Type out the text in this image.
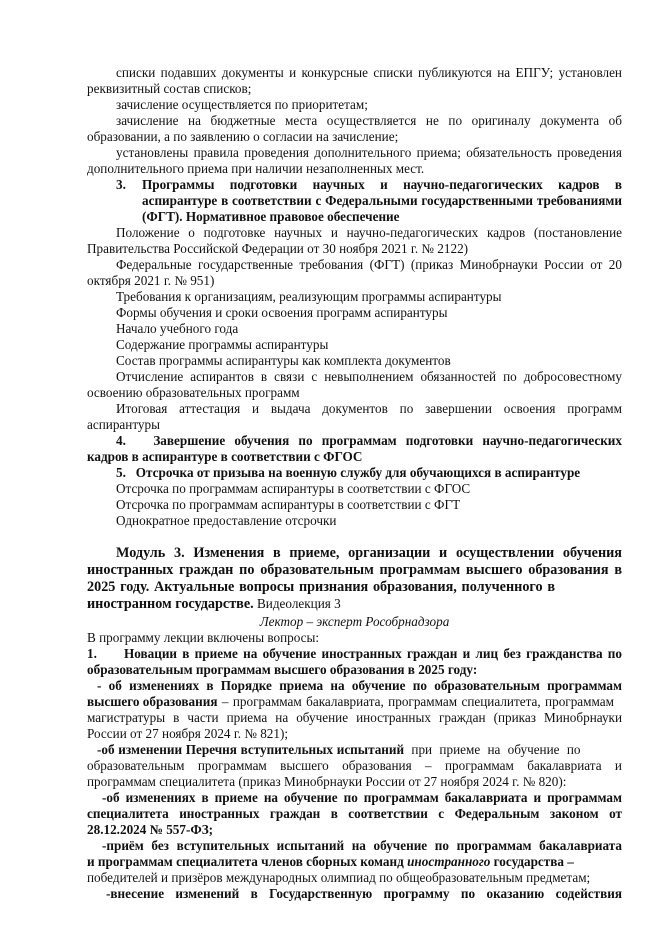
списки подавших документы и конкурсные списки публикуются на ЕПГУ; установлен
реквизитный состав списков;
зачисление осуществляется по приоритетам;
зачисление на бюджетные места осуществляется не по оригиналу документа об
образовании, а по заявлению о согласии на зачисление;
установлены правила проведения дополнительного приема; обязательность проведения
дополнительного приема при наличии незаполненных мест.
3. Программы подготовки научных и научно-педагогических кадров в
аспирантуре в соответствии с Федеральными государственными требованиями
(ФГТ). Нормативное правовое обеспечение
Положение о подготовке научных и научно-педагогических кадров (постановление
Правительства Российской Федерации от 30 ноября 2021 г. № 2122)
Федеральные государственные требования (ФГТ) (приказ Минобрнауки России от 20
октября 2021 г. № 951)
Требования к организациям, реализующим программы аспирантуры
Формы обучения и сроки освоения программ аспирантуры
Начало учебного года
Содержание программы аспирантуры
Состав программы аспирантуры как комплекта документов
Отчисление аспирантов в связи с невыполнением обязанностей по добросовестному
освоению образовательных программ
Итоговая аттестация и выдача документов по завершении освоения программ
аспирантуры
4.   Завершение обучения по программам подготовки научно-педагогических
кадров в аспирантуре в соответствии с ФГОС
5.   Отсрочка от призыва на военную службу для обучающихся в аспирантуре
Отсрочка по программам аспирантуры в соответствии с ФГОС
Отсрочка по программам аспирантуры в соответствии с ФГТ
Однократное предоставление отсрочки
Модуль 3. Изменения в приеме, организации и осуществлении обучения
иностранных граждан по образовательным программам высшего образования в
2025 году. Актуальные вопросы признания образования, полученного в
иностранном государстве. Видеолекция 3
Лектор – эксперт Рособрнадзора
В программу лекции включены вопросы:
1. Новации в приеме на обучение иностранных граждан и лиц без гражданства по
образовательным программам высшего образования в 2025 году:
- об изменениях в Порядке приема на обучение по образовательным программам
высшего образования – программам бакалавриата, программам специалитета, программам
магистратуры в части приема на обучение иностранных граждан (приказ Минобрнауки
России от 27 ноября 2024 г. № 821);
-об изменении Перечня вступительных испытаний при приеме на обучение по
образовательным программам высшего образования – программам бакалавриата и
программам специалитета (приказ Минобрнауки России от 27 ноября 2024 г. № 820):
-об изменениях в приеме на обучение по программам бакалавриата и программам
специалитета иностранных граждан в соответствии с Федеральным законом от
28.12.2024 № 557-ФЗ;
-приём без вступительных испытаний на обучение по программам бакалавриата
и программам специалитета членов сборных команд иностранного государства –
победителей и призёров международных олимпиад по общеобразовательным предметам;
-внесение изменений в Государственную программу по оказанию содействия
